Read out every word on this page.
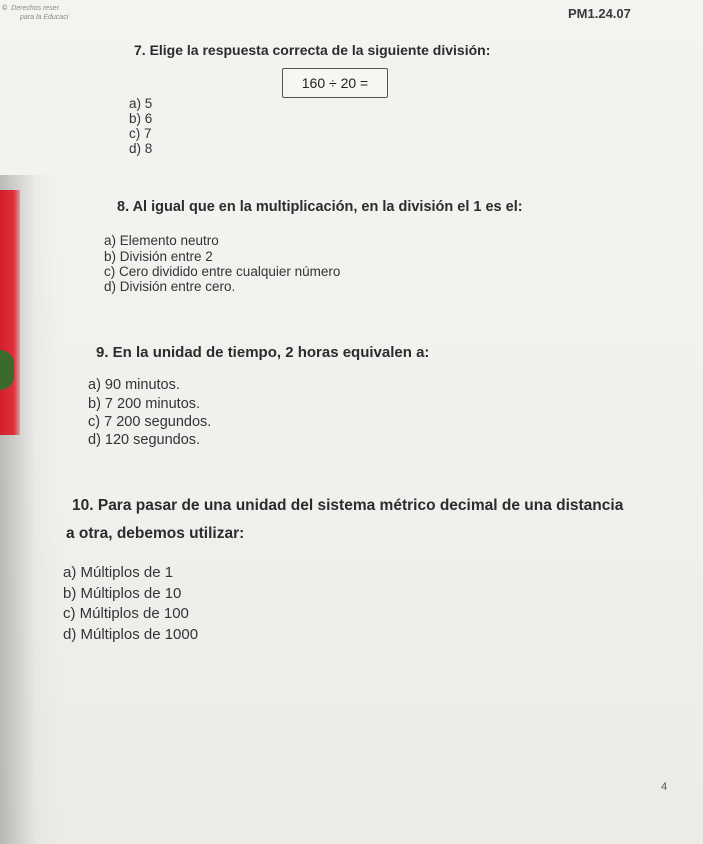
© Derechos reser
para la Educaci	PM1.24.07
7. Elige la respuesta correcta de la siguiente división:
160 ÷ 20 =
a) 5
b) 6
c) 7
d) 8
8. Al igual que en la multiplicación, en la división el 1 es el:
a) Elemento neutro
b) División entre 2
c) Cero dividido entre cualquier número
d) División entre cero.
9. En la unidad de tiempo, 2 horas equivalen a:
a) 90 minutos.
b) 7 200 minutos.
c) 7 200 segundos.
d) 120 segundos.
10. Para pasar de una unidad del sistema métrico decimal de una distancia
a otra, debemos utilizar:
a) Múltiplos de 1
b) Múltiplos de 10
c) Múltiplos de 100
d) Múltiplos de 1000
4
